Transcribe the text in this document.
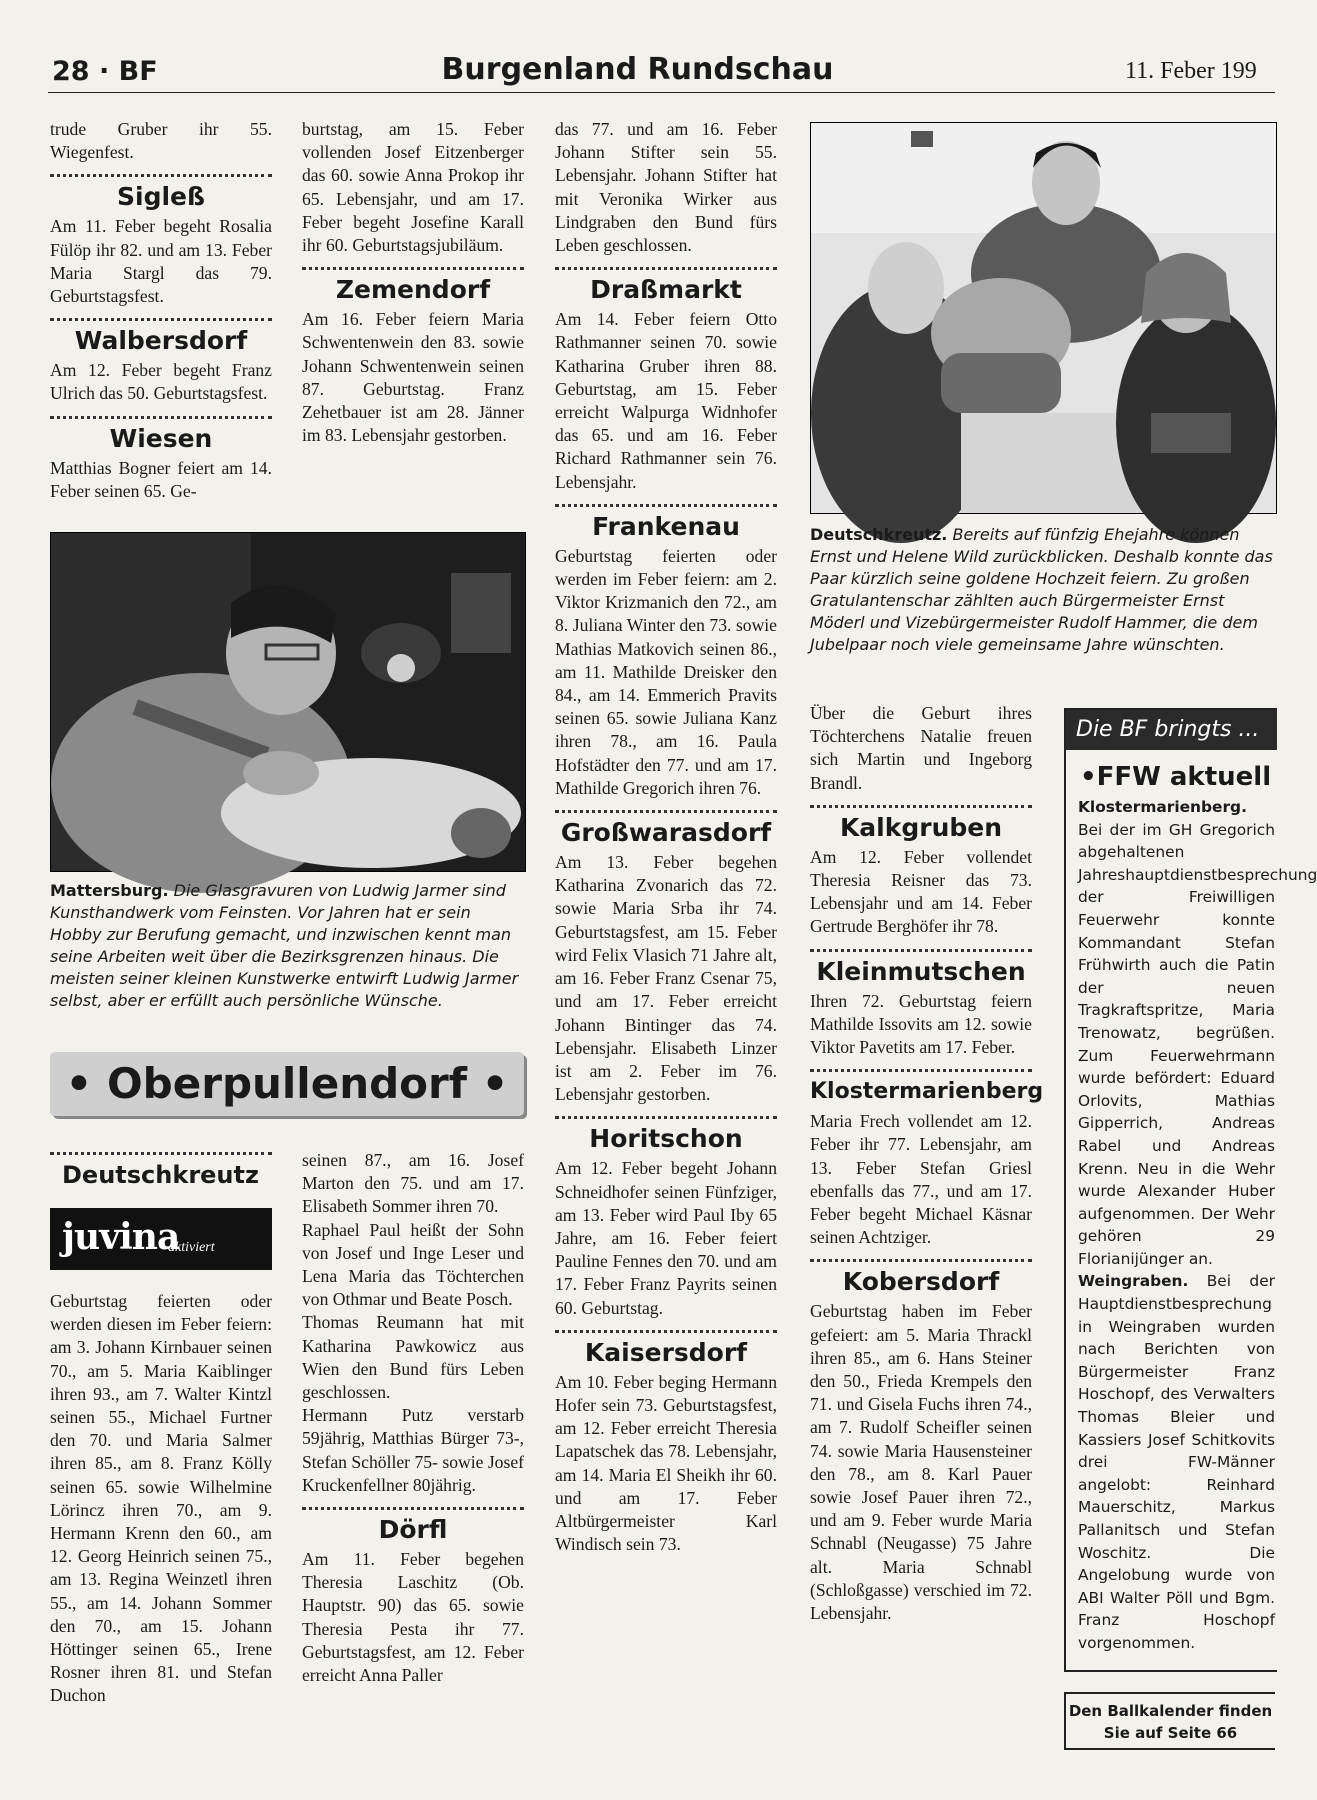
28 · BF	Burgenland Rundschau	11. Feber 199

trude Gruber ihr 55. Wiegenfest.

Sigleß

Am 11. Feber begeht Rosalia Fülöp ihr 82. und am 13. Feber Maria Stargl das 79. Geburtstagsfest.

Walbersdorf

Am 12. Feber begeht Franz Ulrich das 50. Geburtstagsfest.

Wiesen

Matthias Bogner feiert am 14. Feber seinen 65. Ge-

burtstag, am 15. Feber vollenden Josef Eitzenberger das 60. sowie Anna Prokop ihr 65. Lebensjahr, und am 17. Feber begeht Josefine Karall ihr 60. Geburtstagsjubiläum.

Zemendorf

Am 16. Feber feiern Maria Schwentenwein den 83. sowie Johann Schwentenwein seinen 87. Geburtstag. Franz Zehetbauer ist am 28. Jänner im 83. Lebensjahr gestorben.

Mattersburg. Die Glasgravuren von Ludwig Jarmer sind Kunsthandwerk vom Feinsten. Vor Jahren hat er sein Hobby zur Berufung gemacht, und inzwischen kennt man seine Arbeiten weit über die Bezirksgrenzen hinaus. Die meisten seiner kleinen Kunstwerke entwirft Ludwig Jarmer selbst, aber er erfüllt auch persönliche Wünsche.
• Oberpullendorf •
Deutschkreutz
juvina
aktiviert

Geburtstag feierten oder werden diesen im Feber feiern: am 3. Johann Kirnbauer seinen 70., am 5. Maria Kaiblinger ihren 93., am 7. Walter Kintzl seinen 55., Michael Furtner den 70. und Maria Salmer ihren 85., am 8. Franz Kölly seinen 65. sowie Wilhelmine Lörincz ihren 70., am 9. Hermann Krenn den 60., am 12. Georg Heinrich seinen 75., am 13. Regina Weinzetl ihren 55., am 14. Johann Sommer den 70., am 15. Johann Höttinger seinen 65., Irene Rosner ihren 81. und Stefan Duchon

seinen 87., am 16. Josef Marton den 75. und am 17. Elisabeth Sommer ihren 70.

Raphael Paul heißt der Sohn von Josef und Inge Leser und Lena Maria das Töchterchen von Othmar und Beate Posch.

Thomas Reumann hat mit Katharina Pawkowicz aus Wien den Bund fürs Leben geschlossen.

Hermann Putz verstarb 59jährig, Matthias Bürger 73-, Stefan Schöller 75- sowie Josef Kruckenfellner 80jährig.

Dörfl

Am 11. Feber begehen Theresia Laschitz (Ob. Hauptstr. 90) das 65. sowie Theresia Pesta ihr 77. Geburtstagsfest, am 12. Feber erreicht Anna Paller

das 77. und am 16. Feber Johann Stifter sein 55. Lebensjahr. Johann Stifter hat mit Veronika Wirker aus Lindgraben den Bund fürs Leben geschlossen.

Draßmarkt

Am 14. Feber feiern Otto Rathmanner seinen 70. sowie Katharina Gruber ihren 88. Geburtstag, am 15. Feber erreicht Walpurga Widnhofer das 65. und am 16. Feber Richard Rathmanner sein 76. Lebensjahr.

Frankenau

Geburtstag feierten oder werden im Feber feiern: am 2. Viktor Krizmanich den 72., am 8. Juliana Winter den 73. sowie Mathias Matkovich seinen 86., am 11. Mathilde Dreisker den 84., am 14. Emmerich Pravits seinen 65. sowie Juliana Kanz ihren 78., am 16. Paula Hofstädter den 77. und am 17. Mathilde Gregorich ihren 76.

Großwarasdorf

Am 13. Feber begehen Katharina Zvonarich das 72. sowie Maria Srba ihr 74. Geburtstagsfest, am 15. Feber wird Felix Vlasich 71 Jahre alt, am 16. Feber Franz Csenar 75, und am 17. Feber erreicht Johann Bintinger das 74. Lebensjahr. Elisabeth Linzer ist am 2. Feber im 76. Lebensjahr gestorben.

Horitschon

Am 12. Feber begeht Johann Schneidhofer seinen Fünfziger, am 13. Feber wird Paul Iby 65 Jahre, am 16. Feber feiert Pauline Fennes den 70. und am 17. Feber Franz Payrits seinen 60. Geburtstag.

Kaisersdorf

Am 10. Feber beging Hermann Hofer sein 73. Geburtstagsfest, am 12. Feber erreicht Theresia Lapatschek das 78. Lebensjahr, am 14. Maria El Sheikh ihr 60. und am 17. Feber Altbürgermeister Karl Windisch sein 73.

Deutschkreutz. Bereits auf fünfzig Ehejahre können Ernst und Helene Wild zurückblicken. Deshalb konnte das Paar kürzlich seine goldene Hochzeit feiern. Zu großen Gratulantenschar zählten auch Bürgermeister Ernst Möderl und Vizebürgermeister Rudolf Hammer, die dem Jubelpaar noch viele gemeinsame Jahre wünschten.

Über die Geburt ihres Töchterchens Natalie freuen sich Martin und Ingeborg Brandl.

Kalkgruben

Am 12. Feber vollendet Theresia Reisner das 73. Lebensjahr und am 14. Feber Gertrude Berghöfer ihr 78.

Kleinmutschen

Ihren 72. Geburtstag feiern Mathilde Issovits am 12. sowie Viktor Pavetits am 17. Feber.

Klostermarienberg

Maria Frech vollendet am 12. Feber ihr 77. Lebensjahr, am 13. Feber Stefan Griesl ebenfalls das 77., und am 17. Feber begeht Michael Käsnar seinen Achtziger.

Kobersdorf

Geburtstag haben im Feber gefeiert: am 5. Maria Thrackl ihren 85., am 6. Hans Steiner den 50., Frieda Krempels den 71. und Gisela Fuchs ihren 74., am 7. Rudolf Scheifler seinen 74. sowie Maria Hausensteiner den 78., am 8. Karl Pauer sowie Josef Pauer ihren 72., und am 9. Feber wurde Maria Schnabl (Neugasse) 75 Jahre alt. Maria Schnabl (Schloßgasse) verschied im 72. Lebensjahr.

Die BF bringts ...
•FFW aktuell

Klostermarienberg. Bei der im GH Gregorich abgehaltenen Jahreshauptdienstbesprechung der Freiwilligen Feuerwehr konnte Kommandant Stefan Frühwirth auch die Patin der neuen Tragkraftspritze, Maria Trenowatz, begrüßen. Zum Feuerwehrmann wurde befördert: Eduard Orlovits, Mathias Gipperrich, Andreas Rabel und Andreas Krenn. Neu in die Wehr wurde Alexander Huber aufgenommen. Der Wehr gehören 29 Florianijünger an.

Weingraben. Bei der Hauptdienstbesprechung in Weingraben wurden nach Berichten von Bürgermeister Franz Hoschopf, des Verwalters Thomas Bleier und Kassiers Josef Schitkovits drei FW-Männer angelobt: Reinhard Mauerschitz, Markus Pallanitsch und Stefan Woschitz. Die Angelobung wurde von ABI Walter Pöll und Bgm. Franz Hoschopf vorgenommen.

Den Ballkalender finden
Sie auf Seite 66
